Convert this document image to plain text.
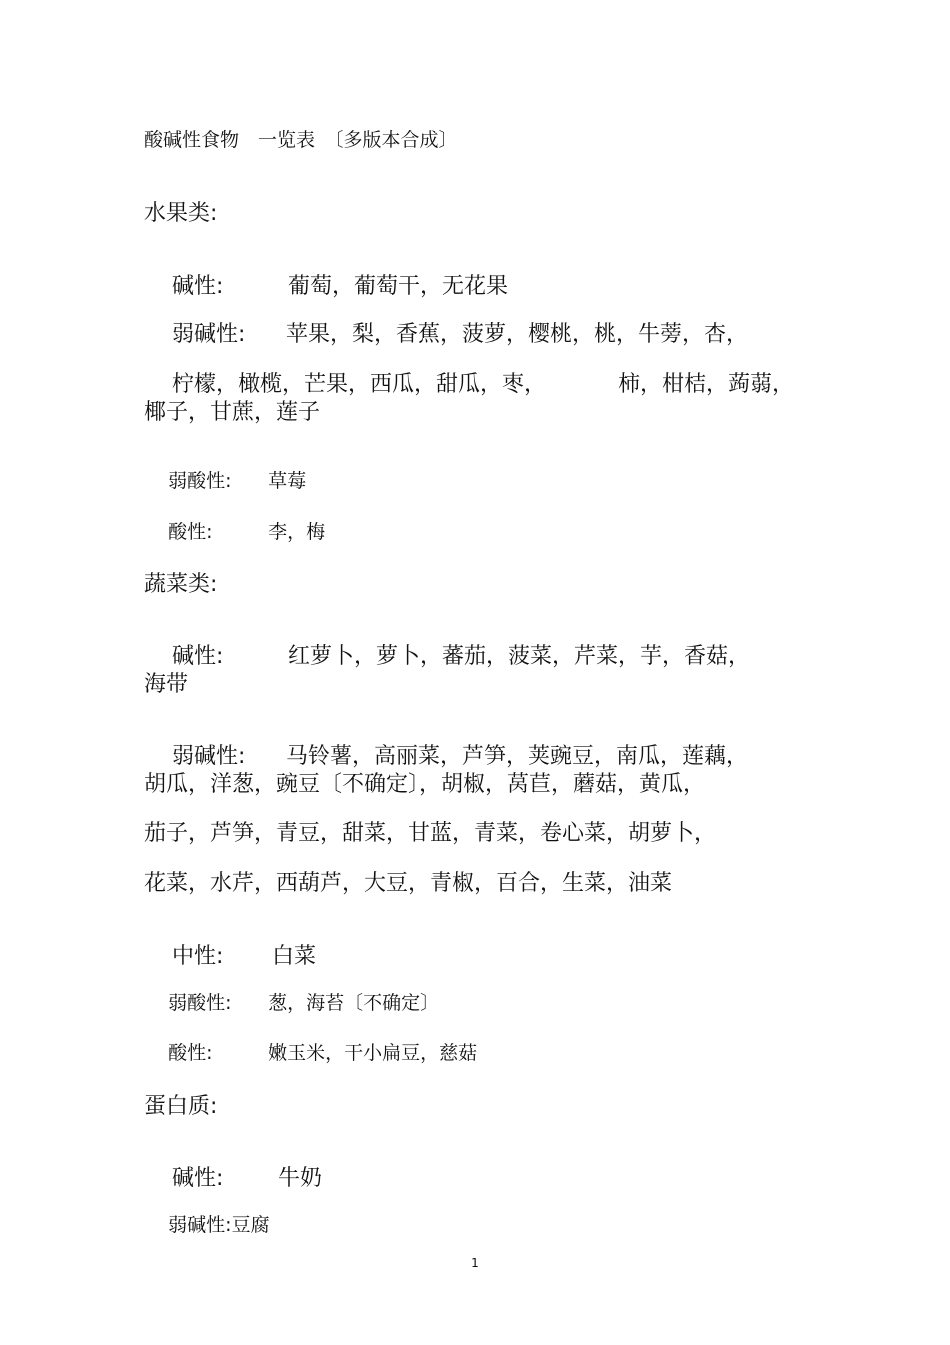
酸碱性食物　一览表　〔多版本合成〕
水果类:

碱性:	葡萄，葡萄干，无花果

弱碱性: 苹果，梨，香蕉，菠萝，樱桃，桃，牛蒡，杏，

柠檬，橄榄，芒果，西瓜，甜瓜，枣，	柿，柑桔，蒟蒻，

椰子，甘蔗，莲子

弱酸性: 草莓

酸性:	李，梅

蔬菜类:

碱性:	红萝卜，萝卜，蕃茄，菠菜，芹菜，芋，香菇，

海带

弱碱性: 马铃薯，高丽菜，芦笋，荚豌豆，南瓜，莲藕，

胡瓜，洋葱，豌豆〔不确定〕，胡椒，莴苣，蘑菇，黄瓜，
茄子，芦笋，青豆，甜菜，甘蓝，青菜，卷心菜，胡萝卜，
花菜，水芹，西葫芦，大豆，青椒，百合，生菜，油菜

中性: 白菜

弱酸性: 葱，海苔〔不确定〕

酸性:	嫩玉米，干小扁豆，慈菇

蛋白质:

碱性: 牛奶

弱碱性:豆腐

1
